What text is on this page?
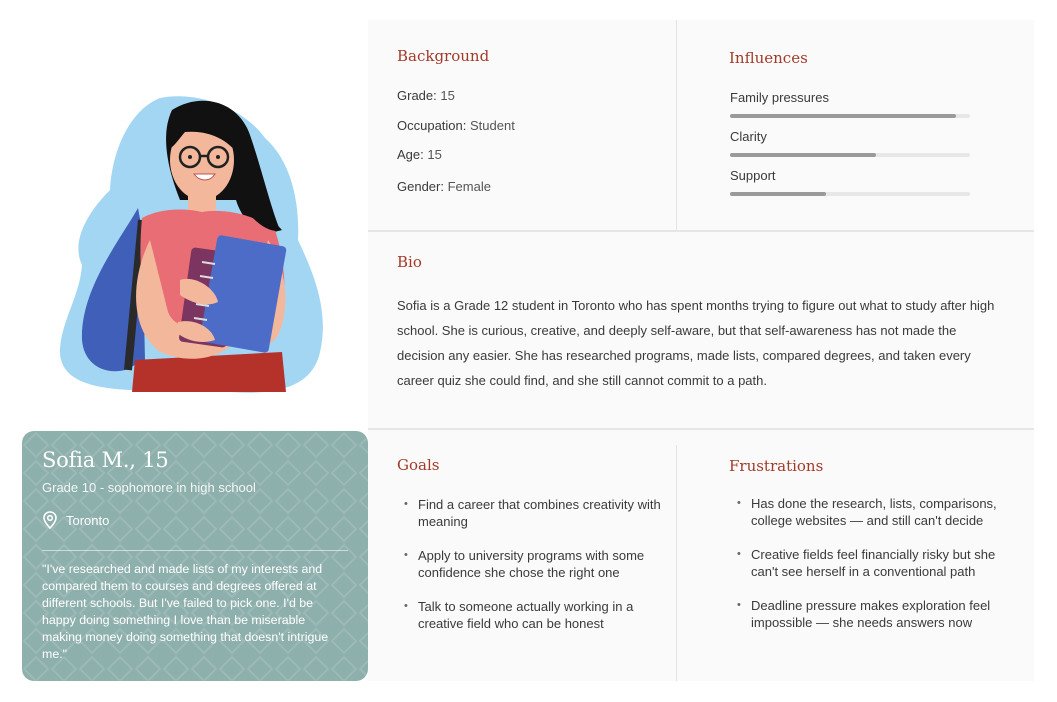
Sofia M., 15
Grade 10 - sophomore in high school
Toronto
"I've researched and made lists of my interests and compared them to courses and degrees offered at different schools. But I've failed to pick one. I'd be happy doing something I love than be miserable making money doing something that doesn't intrigue me."
Background
Grade: 15
Occupation: Student
Age: 15
Gender: Female
Influences
Family pressures
Clarity
Support
Bio
Sofia is a Grade 12 student in Toronto who has spent months trying to figure out what to study after high school. She is curious, creative, and deeply self-aware, but that self-awareness has not made the decision any easier. She has researched programs, made lists, compared degrees, and taken every career quiz she could find, and she still cannot commit to a path.
Goals
• Find a career that combines creativity with meaning
• Apply to university programs with some confidence she chose the right one
• Talk to someone actually working in a creative field who can be honest
Frustrations
• Has done the research, lists, comparisons, college websites — and still can't decide
• Creative fields feel financially risky but she can't see herself in a conventional path
• Deadline pressure makes exploration feel impossible — she needs answers now
